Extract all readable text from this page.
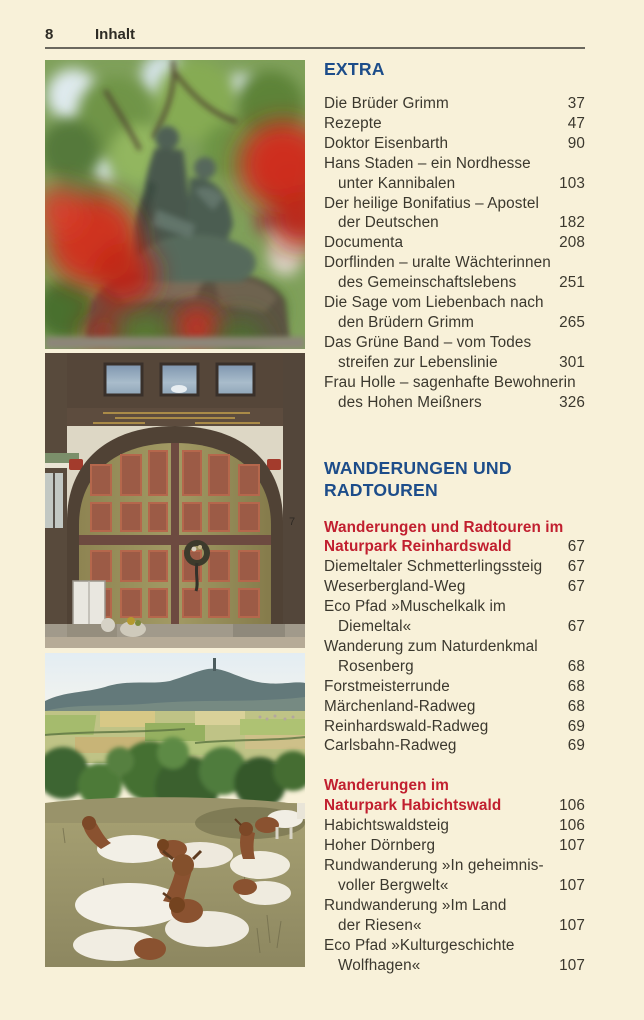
8	Inhalt
7
EXTRA
Die Brüder Grimm	37
Rezepte	47
Doktor Eisenbarth	90
Hans Staden – ein Nordhesse
unter Kannibalen	103
Der heilige Bonifatius – Apostel
der Deutschen	182
Documenta	208
Dorflinden – uralte Wächterinnen
des Gemeinschaftslebens	251
Die Sage vom Liebenbach nach
den Brüdern Grimm	265
Das Grüne Band – vom Todes
streifen zur Lebenslinie	301
Frau Holle – sagenhafte Bewohnerin
des Hohen Meißners	326
WANDERUNGEN UND
RADTOUREN
Wanderungen und Radtouren im
Naturpark Reinhardswald	67
Diemeltaler Schmetterlingssteig 67
Weserbergland-Weg	67
Eco Pfad »Muschelkalk im
Diemeltal«	67
Wanderung zum Naturdenkmal
Rosenberg	68
Forstmeisterrunde	68
Märchenland-Radweg	68
Reinhardswald-Radweg	69
Carlsbahn-Radweg	69
Wanderungen im
Naturpark Habichtswald	106
Habichtswaldsteig	106
Hoher Dörnberg	107
Rundwanderung »In geheimnis-
voller Bergwelt«	107
Rundwanderung »Im Land
der Riesen«	107
Eco Pfad »Kulturgeschichte
Wolfhagen«	107
